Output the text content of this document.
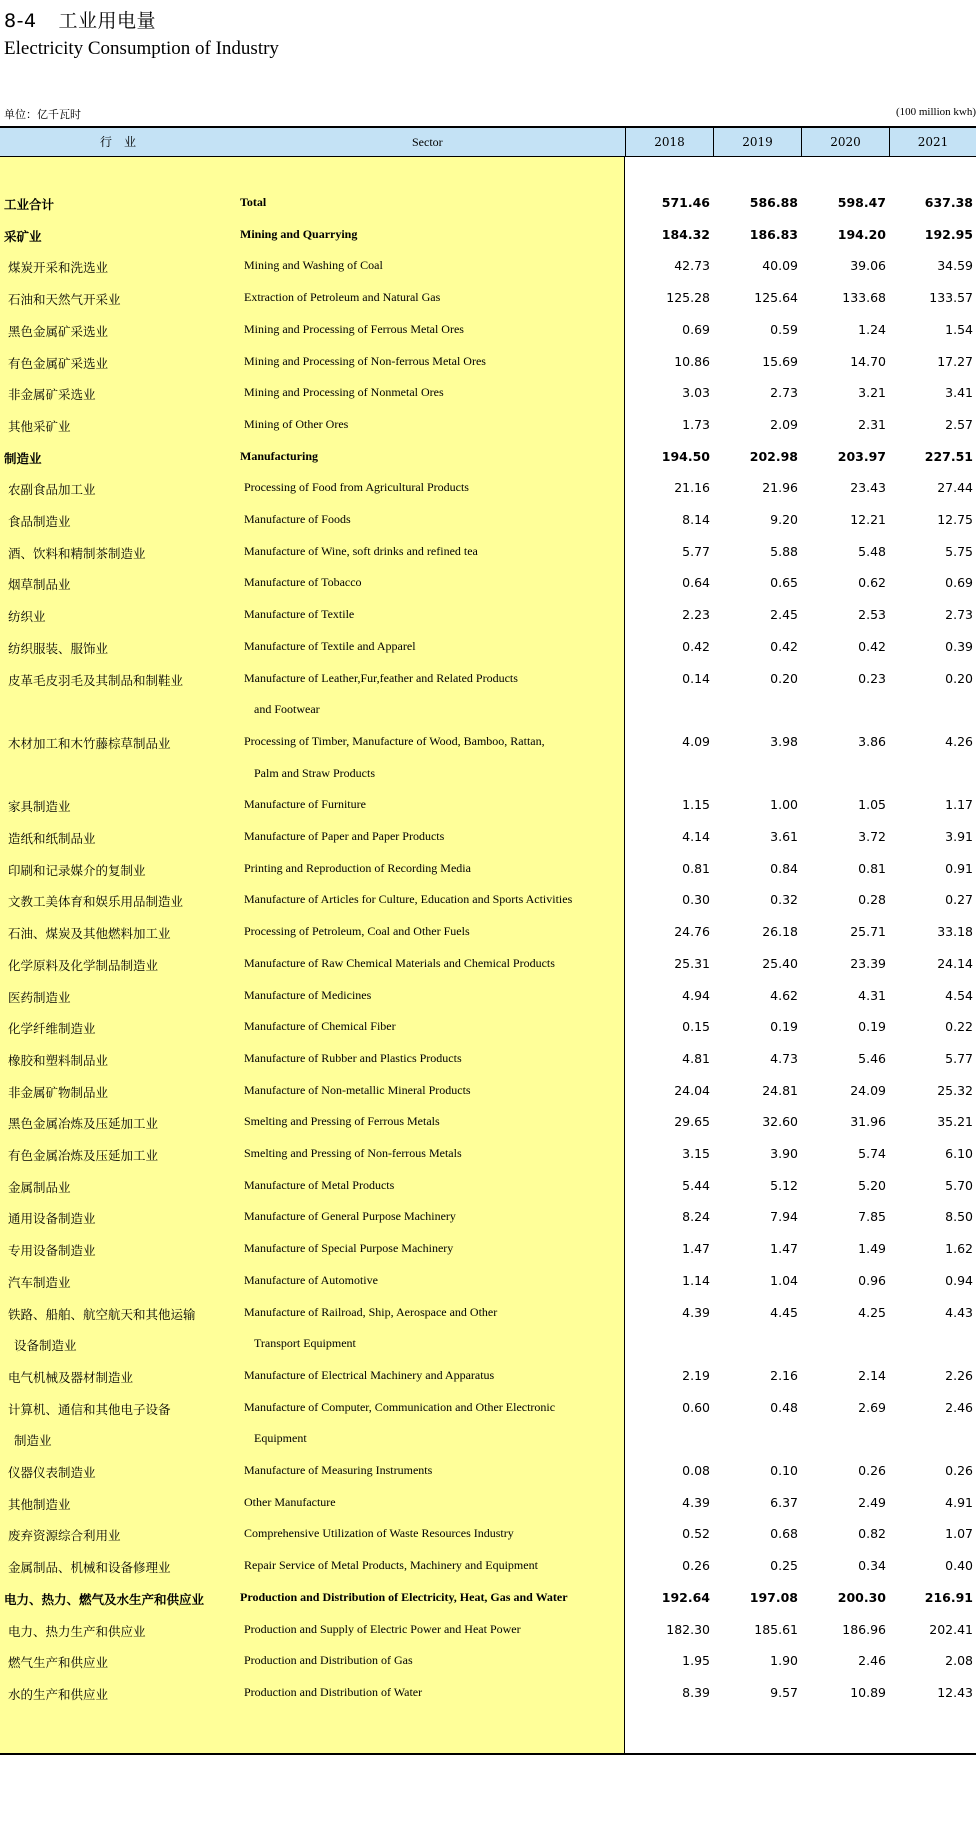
8-4 工业用电量
Electricity Consumption of Industry
单位：亿千瓦时	(100 million kwh)
行　业	Sector	2018	2019	2020	2021
工业合计	Total	571.46	586.88	598.47	637.38
采矿业	Mining and Quarrying	184.32	186.83	194.20	192.95
煤炭开采和洗选业	Mining and Washing of Coal	42.73	40.09	39.06	34.59
石油和天然气开采业	Extraction of Petroleum and Natural Gas	125.28	125.64	133.68	133.57
黑色金属矿采选业	Mining and Processing of Ferrous Metal Ores	0.69	0.59	1.24	1.54
有色金属矿采选业	Mining and Processing of Non-ferrous Metal Ores	10.86	15.69	14.70	17.27
非金属矿采选业	Mining and Processing of Nonmetal Ores	3.03	2.73	3.21	3.41
其他采矿业	Mining of Other Ores	1.73	2.09	2.31	2.57
制造业	Manufacturing	194.50	202.98	203.97	227.51
农副食品加工业	Processing of Food from Agricultural Products	21.16	21.96	23.43	27.44
食品制造业	Manufacture of Foods	8.14	9.20	12.21	12.75
酒、饮料和精制茶制造业	Manufacture of Wine, soft drinks and refined tea	5.77	5.88	5.48	5.75
烟草制品业	Manufacture of Tobacco	0.64	0.65	0.62	0.69
纺织业	Manufacture of Textile	2.23	2.45	2.53	2.73
纺织服装、服饰业	Manufacture of Textile and Apparel	0.42	0.42	0.42	0.39
皮革毛皮羽毛及其制品和制鞋业	Manufacture of Leather,Fur,feather and Related Products	0.14	0.20	0.23	0.20
and Footwear
木材加工和木竹藤棕草制品业	Processing of Timber, Manufacture of Wood, Bamboo, Rattan,	4.09	3.98	3.86	4.26
Palm and Straw Products
家具制造业	Manufacture of Furniture	1.15	1.00	1.05	1.17
造纸和纸制品业	Manufacture of Paper and Paper Products	4.14	3.61	3.72	3.91
印刷和记录媒介的复制业	Printing and Reproduction of Recording Media	0.81	0.84	0.81	0.91
文教工美体育和娱乐用品制造业	Manufacture of Articles for Culture, Education and Sports Activities	0.30	0.32	0.28	0.27
石油、煤炭及其他燃料加工业	Processing of Petroleum, Coal and Other Fuels	24.76	26.18	25.71	33.18
化学原料及化学制品制造业	Manufacture of Raw Chemical Materials and Chemical Products	25.31	25.40	23.39	24.14
医药制造业	Manufacture of Medicines	4.94	4.62	4.31	4.54
化学纤维制造业	Manufacture of Chemical Fiber	0.15	0.19	0.19	0.22
橡胶和塑料制品业	Manufacture of Rubber and Plastics Products	4.81	4.73	5.46	5.77
非金属矿物制品业	Manufacture of Non-metallic Mineral Products	24.04	24.81	24.09	25.32
黑色金属冶炼及压延加工业	Smelting and Pressing of Ferrous Metals	29.65	32.60	31.96	35.21
有色金属冶炼及压延加工业	Smelting and Pressing of Non-ferrous Metals	3.15	3.90	5.74	6.10
金属制品业	Manufacture of Metal Products	5.44	5.12	5.20	5.70
通用设备制造业	Manufacture of General Purpose Machinery	8.24	7.94	7.85	8.50
专用设备制造业	Manufacture of Special Purpose Machinery	1.47	1.47	1.49	1.62
汽车制造业	Manufacture of Automotive	1.14	1.04	0.96	0.94
铁路、船舶、航空航天和其他运输	Manufacture of Railroad, Ship, Aerospace and Other	4.39	4.45	4.25	4.43
设备制造业	Transport Equipment
电气机械及器材制造业	Manufacture of Electrical Machinery and Apparatus	2.19	2.16	2.14	2.26
计算机、通信和其他电子设备	Manufacture of Computer, Communication and Other Electronic	0.60	0.48	2.69	2.46
制造业	Equipment
仪器仪表制造业	Manufacture of Measuring Instruments	0.08	0.10	0.26	0.26
其他制造业	Other Manufacture	4.39	6.37	2.49	4.91
废弃资源综合利用业	Comprehensive Utilization of Waste Resources Industry	0.52	0.68	0.82	1.07
金属制品、机械和设备修理业	Repair Service of Metal Products, Machinery and Equipment	0.26	0.25	0.34	0.40
电力、热力、燃气及水生产和供应业	Production and Distribution of Electricity, Heat, Gas and Water	192.64	197.08	200.30	216.91
电力、热力生产和供应业	Production and Supply of Electric Power and Heat Power	182.30	185.61	186.96	202.41
燃气生产和供应业	Production and Distribution of Gas	1.95	1.90	2.46	2.08
水的生产和供应业	Production and Distribution of Water	8.39	9.57	10.89	12.43
